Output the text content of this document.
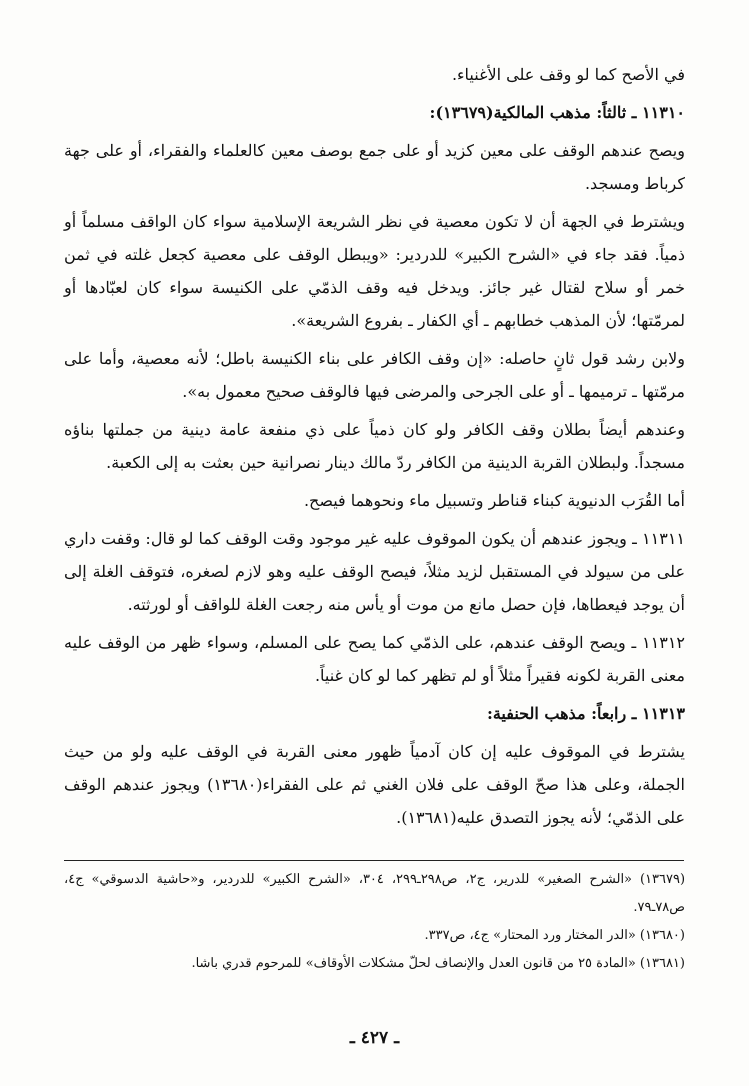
في الأصح كما لو وقف على الأغنياء.

١١٣١٠ ـ ثالثاً: مذهب المالكية(١٣٦٧٩):

ويصح عندهم الوقف على معين كزيد أو على جمع بوصف معين كالعلماء والفقراء، أو على جهة كرباط ومسجد.

ويشترط في الجهة أن لا تكون معصية في نظر الشريعة الإسلامية سواء كان الواقف مسلماً أو ذمياً. فقد جاء في «الشرح الكبير» للدردير: «ويبطل الوقف على معصية كجعل غلته في ثمن خمر أو سلاح لقتال غير جائز. ويدخل فيه وقف الذمّي على الكنيسة سواء كان لعبّادها أو لمرمّتها؛ لأن المذهب خطابهم ـ أي الكفار ـ بفروع الشريعة».

ولابن رشد قول ثانٍ حاصله: «إن وقف الكافر على بناء الكنيسة باطل؛ لأنه معصية، وأما على مرمّتها ـ ترميمها ـ أو على الجرحى والمرضى فيها فالوقف صحيح معمول به».

وعندهم أيضاً بطلان وقف الكافر ولو كان ذمياً على ذي منفعة عامة دينية من جملتها بناؤه مسجداً. ولبطلان القربة الدينية من الكافر ردّ مالك دينار نصرانية حين بعثت به إلى الكعبة.

أما القُرَب الدنيوية كبناء قناطر وتسبيل ماء ونحوهما فيصح.

١١٣١١ ـ ويجوز عندهم أن يكون الموقوف عليه غير موجود وقت الوقف كما لو قال: وقفت داري على من سيولد في المستقبل لزيد مثلاً، فيصح الوقف عليه وهو لازم لصغره، فتوقف الغلة إلى أن يوجد فيعطاها، فإن حصل مانع من موت أو يأس منه رجعت الغلة للواقف أو لورثته.

١١٣١٢ ـ ويصح الوقف عندهم، على الذمّي كما يصح على المسلم، وسواء ظهر من الوقف عليه معنى القربة لكونه فقيراً مثلاً أو لم تظهر كما لو كان غنياً.

١١٣١٣ ـ رابعاً: مذهب الحنفية:

يشترط في الموقوف عليه إن كان آدمياً ظهور معنى القربة في الوقف عليه ولو من حيث الجملة، وعلى هذا صحّ الوقف على فلان الغني ثم على الفقراء(١٣٦٨٠) ويجوز عندهم الوقف على الذمّي؛ لأنه يجوز التصدق عليه(١٣٦٨١).

(١٣٦٧٩) «الشرح الصغير» للدرير، ج٢، ص٢٩٨ـ٢٩٩، ٣٠٤، «الشرح الكبير» للدردير، و«حاشية الدسوقي» ج٤، ص٧٨ـ٧٩.

(١٣٦٨٠) «الدر المختار ورد المحتار» ج٤، ص٣٣٧.

(١٣٦٨١) «المادة ٢٥ من قانون العدل والإنصاف لحلّ مشكلات الأوقاف» للمرحوم قدري باشا.

ـ ٤٢٧ ـ
